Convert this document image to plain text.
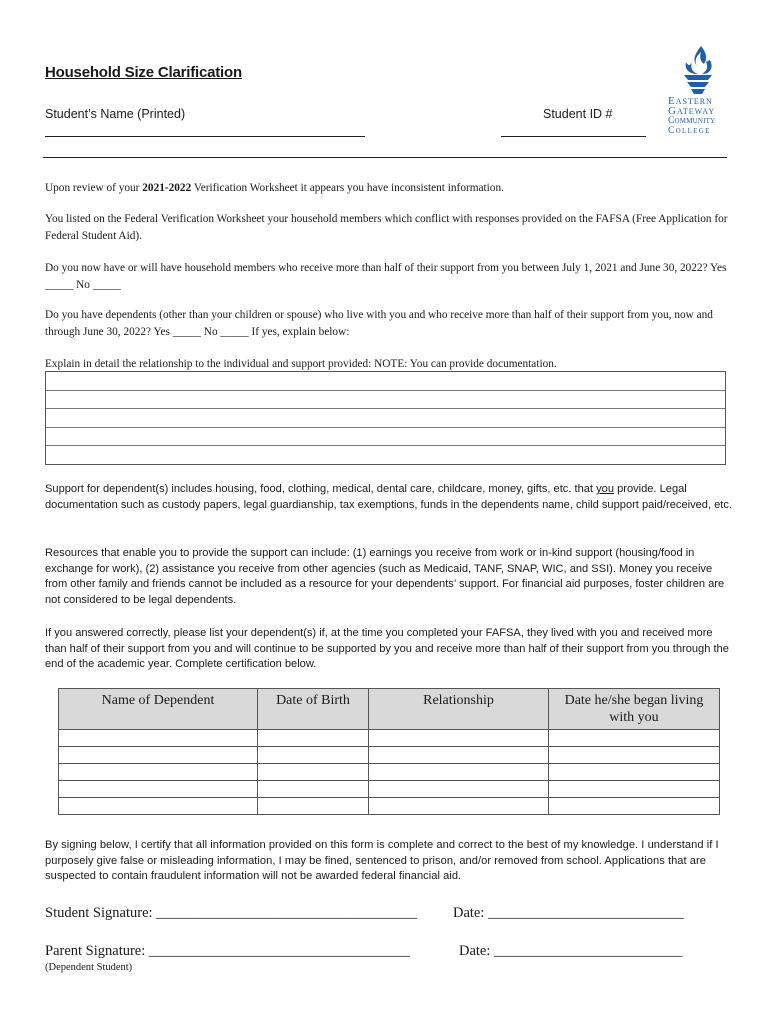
Household Size Clarification
Student’s Name (Printed)	Student ID #
Eastern
Gateway
Community
College
Upon review of your 2021-2022 Verification Worksheet it appears you have inconsistent information.
You listed on the Federal Verification Worksheet your household members which conflict with responses provided on the FAFSA (Free Application for Federal Student Aid).
Do you now have or will have household members who receive more than half of their support from you between July 1, 2021 and June 30, 2022? Yes _____ No _____
Do you have dependents (other than your children or spouse) who live with you and who receive more than half of their support from you, now and through June 30, 2022? Yes _____ No _____ If yes, explain below:
Explain in detail the relationship to the individual and support provided: NOTE: You can provide documentation.
Support for dependent(s) includes housing, food, clothing, medical, dental care, childcare, money, gifts, etc. that you provide. Legal documentation such as custody papers, legal guardianship, tax exemptions, funds in the dependents name, child support paid/received, etc.
Resources that enable you to provide the support can include: (1) earnings you receive from work or in-kind support (housing/food in exchange for work), (2) assistance you receive from other agencies (such as Medicaid, TANF, SNAP, WIC, and SSI). Money you receive from other family and friends cannot be included as a resource for your dependents’ support. For financial aid purposes, foster children are not considered to be legal dependents.
If you answered correctly, please list your dependent(s) if, at the time you completed your FAFSA, they lived with you and received more than half of their support from you and will continue to be supported by you and receive more than half of their support from you through the end of the academic year. Complete certification below.
Name of Dependent	Date of Birth	Relationship	Date he/she began living with you

By signing below, I certify that all information provided on this form is complete and correct to the best of my knowledge. I understand if I purposely give false or misleading information, I may be fined, sentenced to prison, and/or removed from school. Applications that are suspected to contain fraudulent information will not be awarded federal financial aid.
Student Signature: ____________________________________ Date: ___________________________
Parent Signature: ____________________________________	Date: __________________________
(Dependent Student)
